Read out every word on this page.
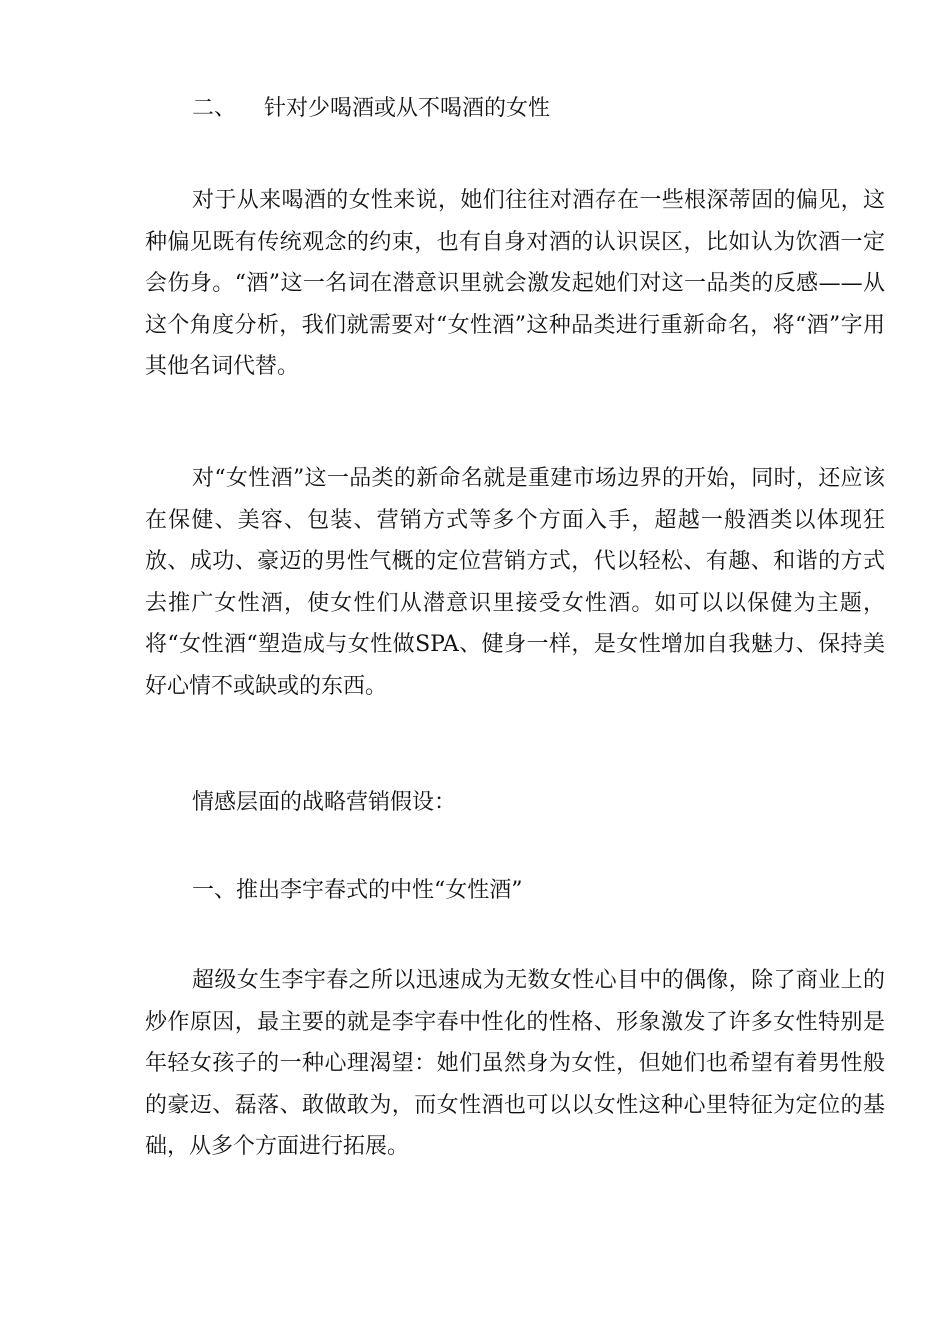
二、 针对少喝酒或从不喝酒的女性

对于从来喝酒的女性来说，她们往往对酒存在一些根深蒂固的偏见，这种偏见既有传统观念的约束，也有自身对酒的认识误区，比如认为饮酒一定会伤身。“酒”这一名词在潜意识里就会激发起她们对这一品类的反感——从这个角度分析，我们就需要对“女性酒”这种品类进行重新命名，将“酒”字用其他名词代替。

对“女性酒”这一品类的新命名就是重建市场边界的开始，同时，还应该在保健、美容、包装、营销方式等多个方面入手，超越一般酒类以体现狂放、成功、豪迈的男性气概的定位营销方式，代以轻松、有趣、和谐的方式去推广女性酒，使女性们从潜意识里接受女性酒。如可以以保健为主题，将“女性酒“塑造成与女性做SPA、健身一样，是女性增加自我魅力、保持美好心情不或缺或的东西。

情感层面的战略营销假设：

一、推出李宇春式的中性“女性酒”

超级女生李宇春之所以迅速成为无数女性心目中的偶像，除了商业上的炒作原因，最主要的就是李宇春中性化的性格、形象激发了许多女性特别是年轻女孩子的一种心理渴望：她们虽然身为女性，但她们也希望有着男性般的豪迈、磊落、敢做敢为，而女性酒也可以以女性这种心里特征为定位的基础，从多个方面进行拓展。
